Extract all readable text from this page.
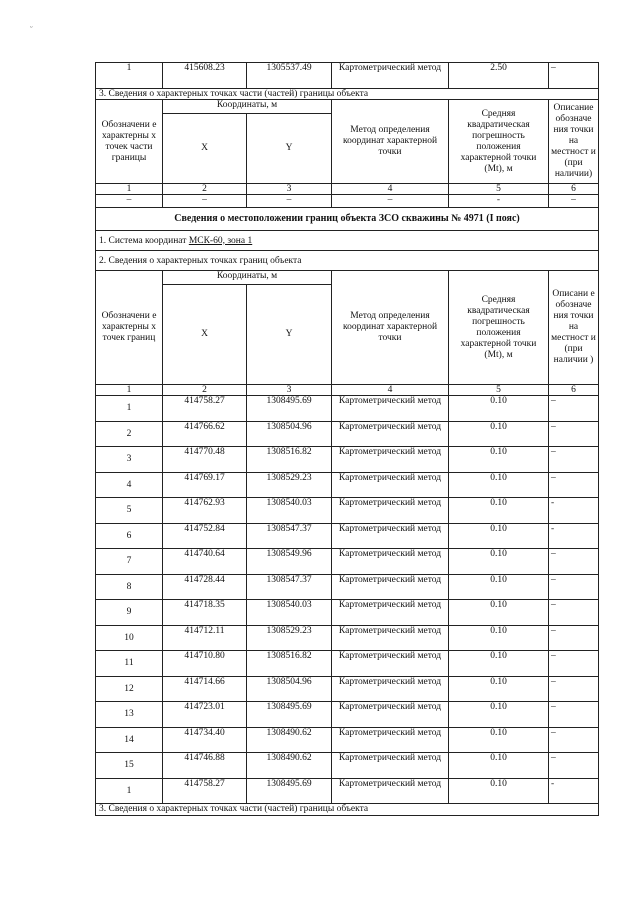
ᵕ
1	415608.23	1305537.49	Картометрический метод	2.50	–
3. Сведения о характерных точках части (частей) границы объекта					
Обозначени е характерны х точек части границы	Координаты, м		Метод определения координат характерной точки	Средняя квадратическая погрешность положения характерной точки (Мt), м	Описание обозначе ния точки на местност и (при наличии)
	X	Y			
1	2	3	4	5	6
–	–	–	–	-	–
Сведения о местоположении границ объекта ЗСО скважины № 4971 (I пояс)					
1. Система координат МСК-60, зона 1					
2. Сведения о характерных точках границ объекта					
Обозначени е характерны х точек границ	Координаты, м		Метод определения координат характерной точки	Средняя квадратическая погрешность положения характерной точки (Мt), м	Описани е обозначе ния точки на местност и (при наличии )
	X	Y			
1	2	3	4	5	6
1	414758.27	1308495.69	Картометрический метод	0.10	–
2	414766.62	1308504.96	Картометрический метод	0.10	–
3	414770.48	1308516.82	Картометрический метод	0.10	–
4	414769.17	1308529.23	Картометрический метод	0.10	–
5	414762.93	1308540.03	Картометрический метод	0.10	-
6	414752.84	1308547.37	Картометрический метод	0.10	-
7	414740.64	1308549.96	Картометрический метод	0.10	–
8	414728.44	1308547.37	Картометрический метод	0.10	–
9	414718.35	1308540.03	Картометрический метод	0.10	–
10	414712.11	1308529.23	Картометрический метод	0.10	–
11	414710.80	1308516.82	Картометрический метод	0.10	–
12	414714.66	1308504.96	Картометрический метод	0.10	–
13	414723.01	1308495.69	Картометрический метод	0.10	–
14	414734.40	1308490.62	Картометрический метод	0.10	–
15	414746.88	1308490.62	Картометрический метод	0.10	–
1	414758.27	1308495.69	Картометрический метод	0.10	-
3. Сведения о характерных точках части (частей) границы объекта					
